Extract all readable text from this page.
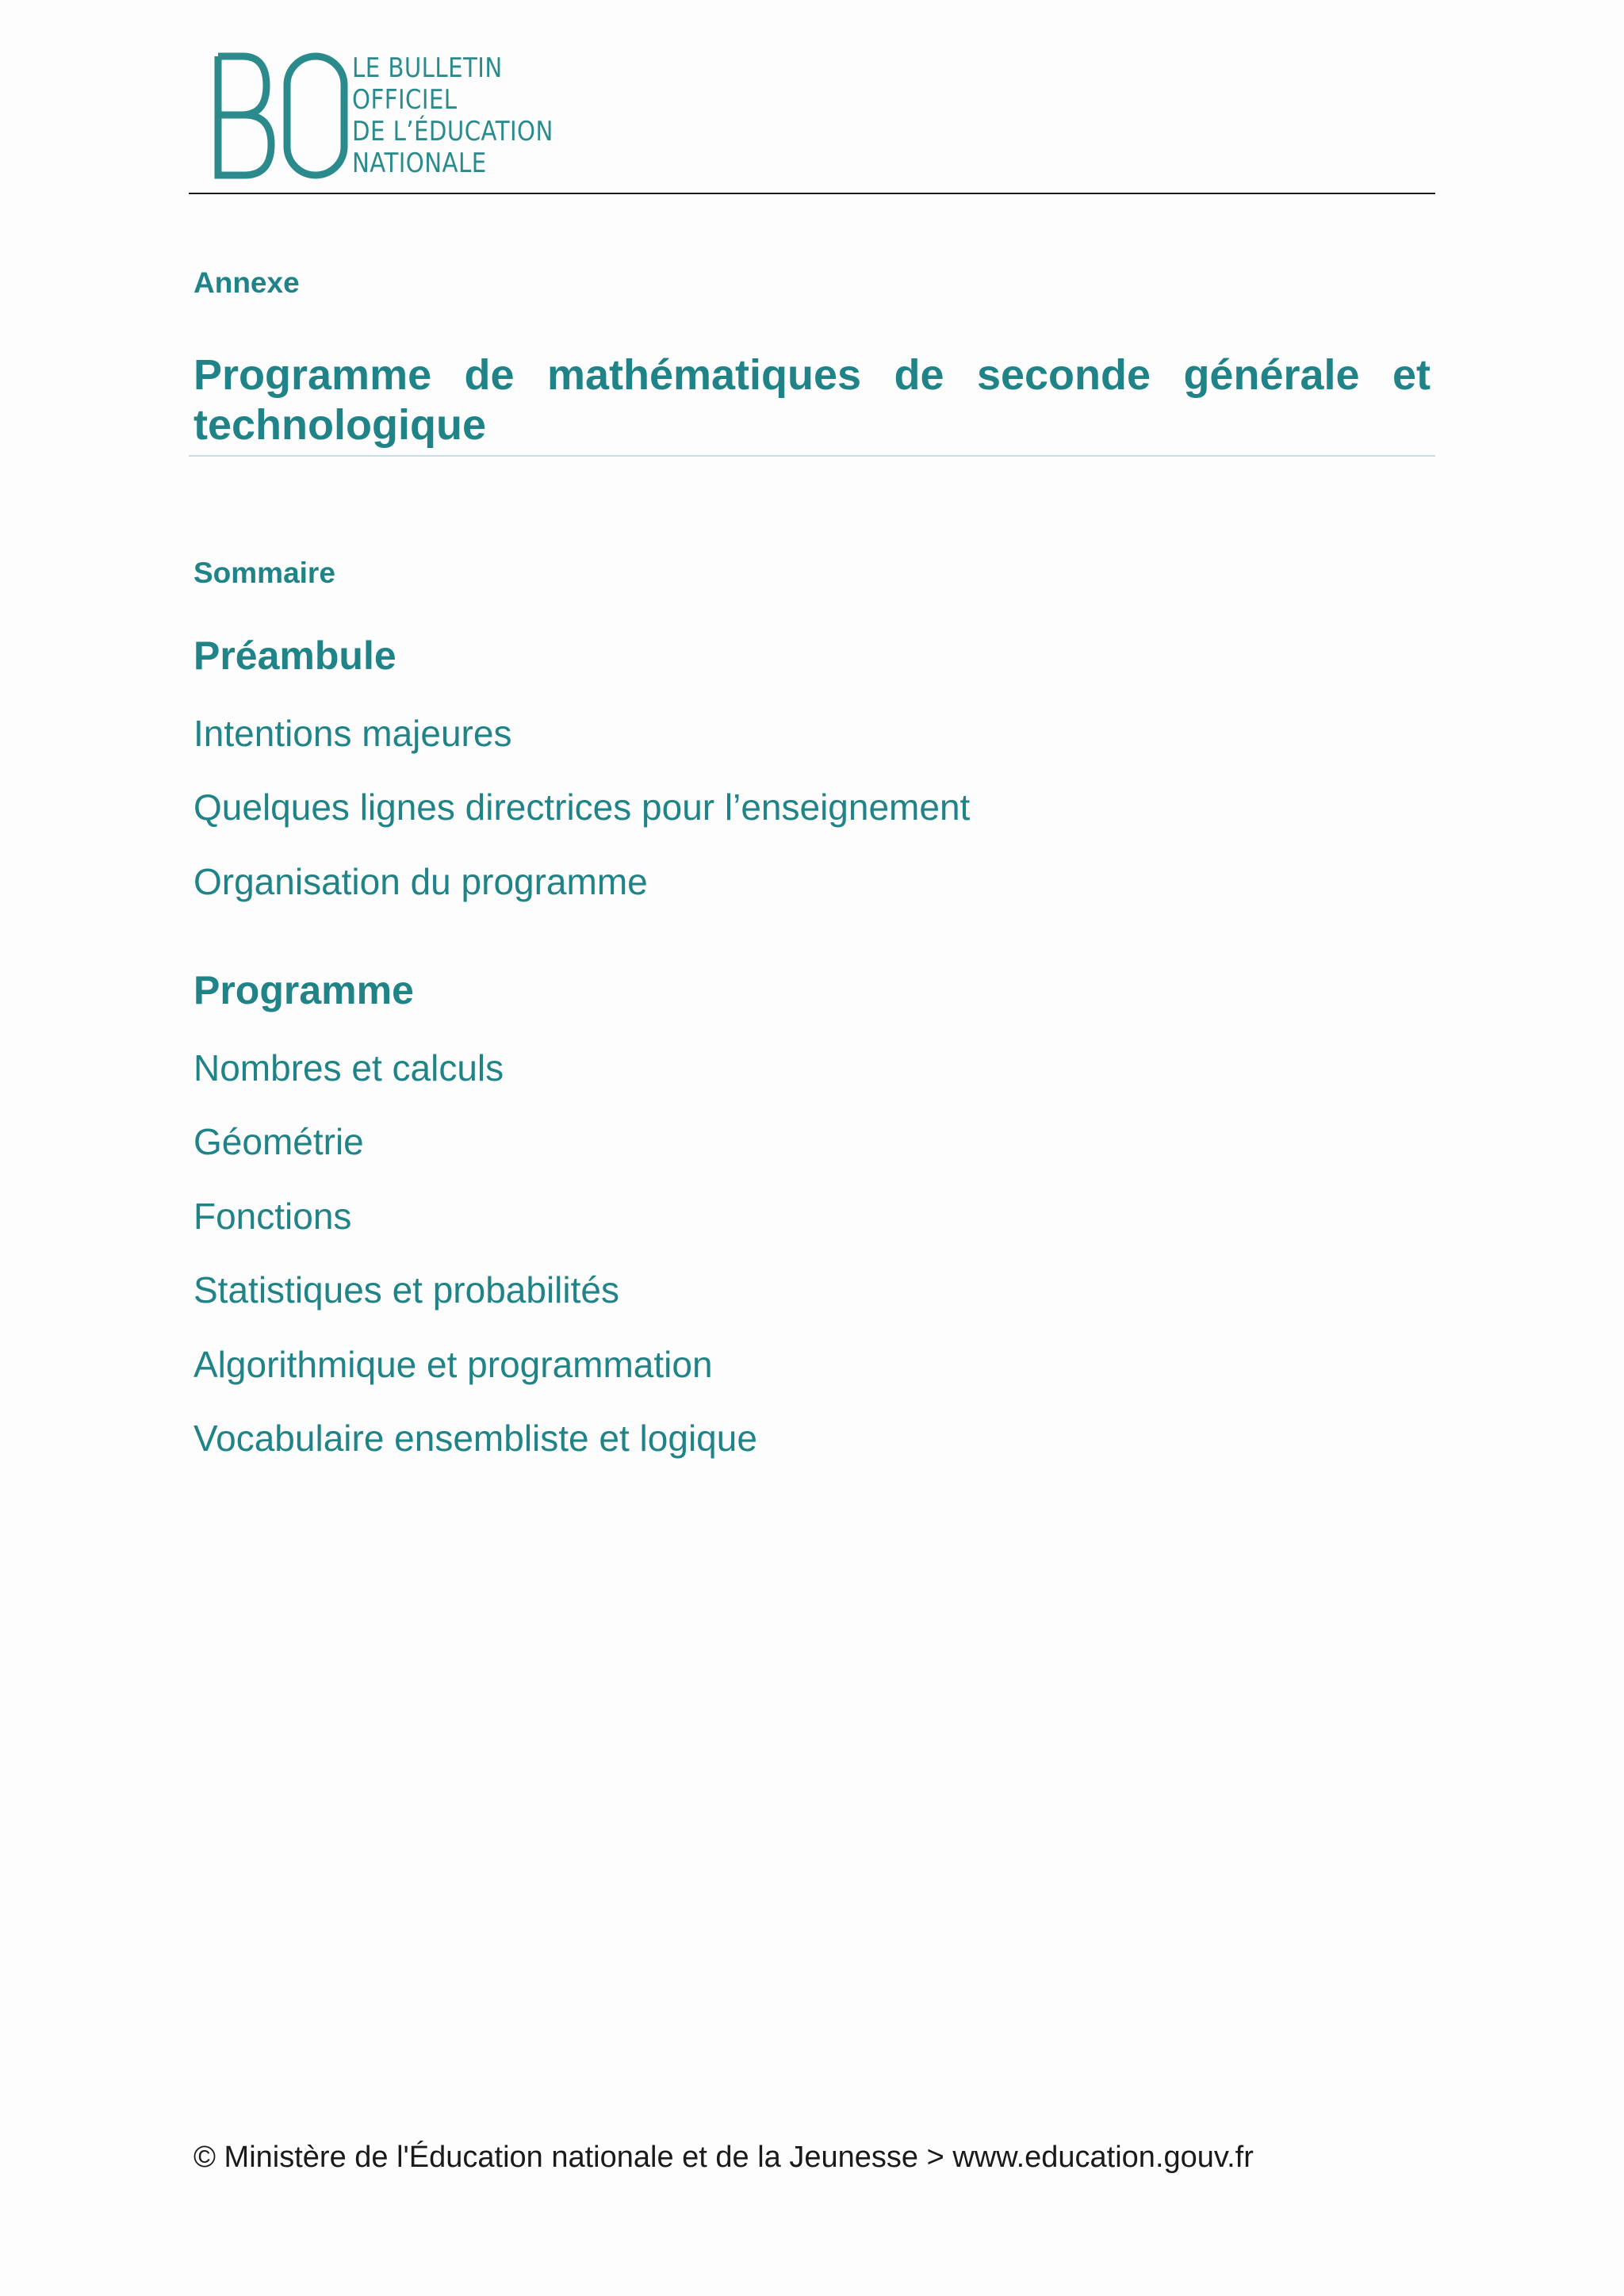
LE BULLETIN
OFFICIEL
DE L’ÉDUCATION
NATIONALE
Annexe
Programme de mathématiques de seconde générale et technologique
Sommaire
Préambule
Intentions majeures
Quelques lignes directrices pour l’enseignement
Organisation du programme
Programme
Nombres et calculs
Géométrie
Fonctions
Statistiques et probabilités
Algorithmique et programmation
Vocabulaire ensembliste et logique
© Ministère de l'Éducation nationale et de la Jeunesse > www.education.gouv.fr
